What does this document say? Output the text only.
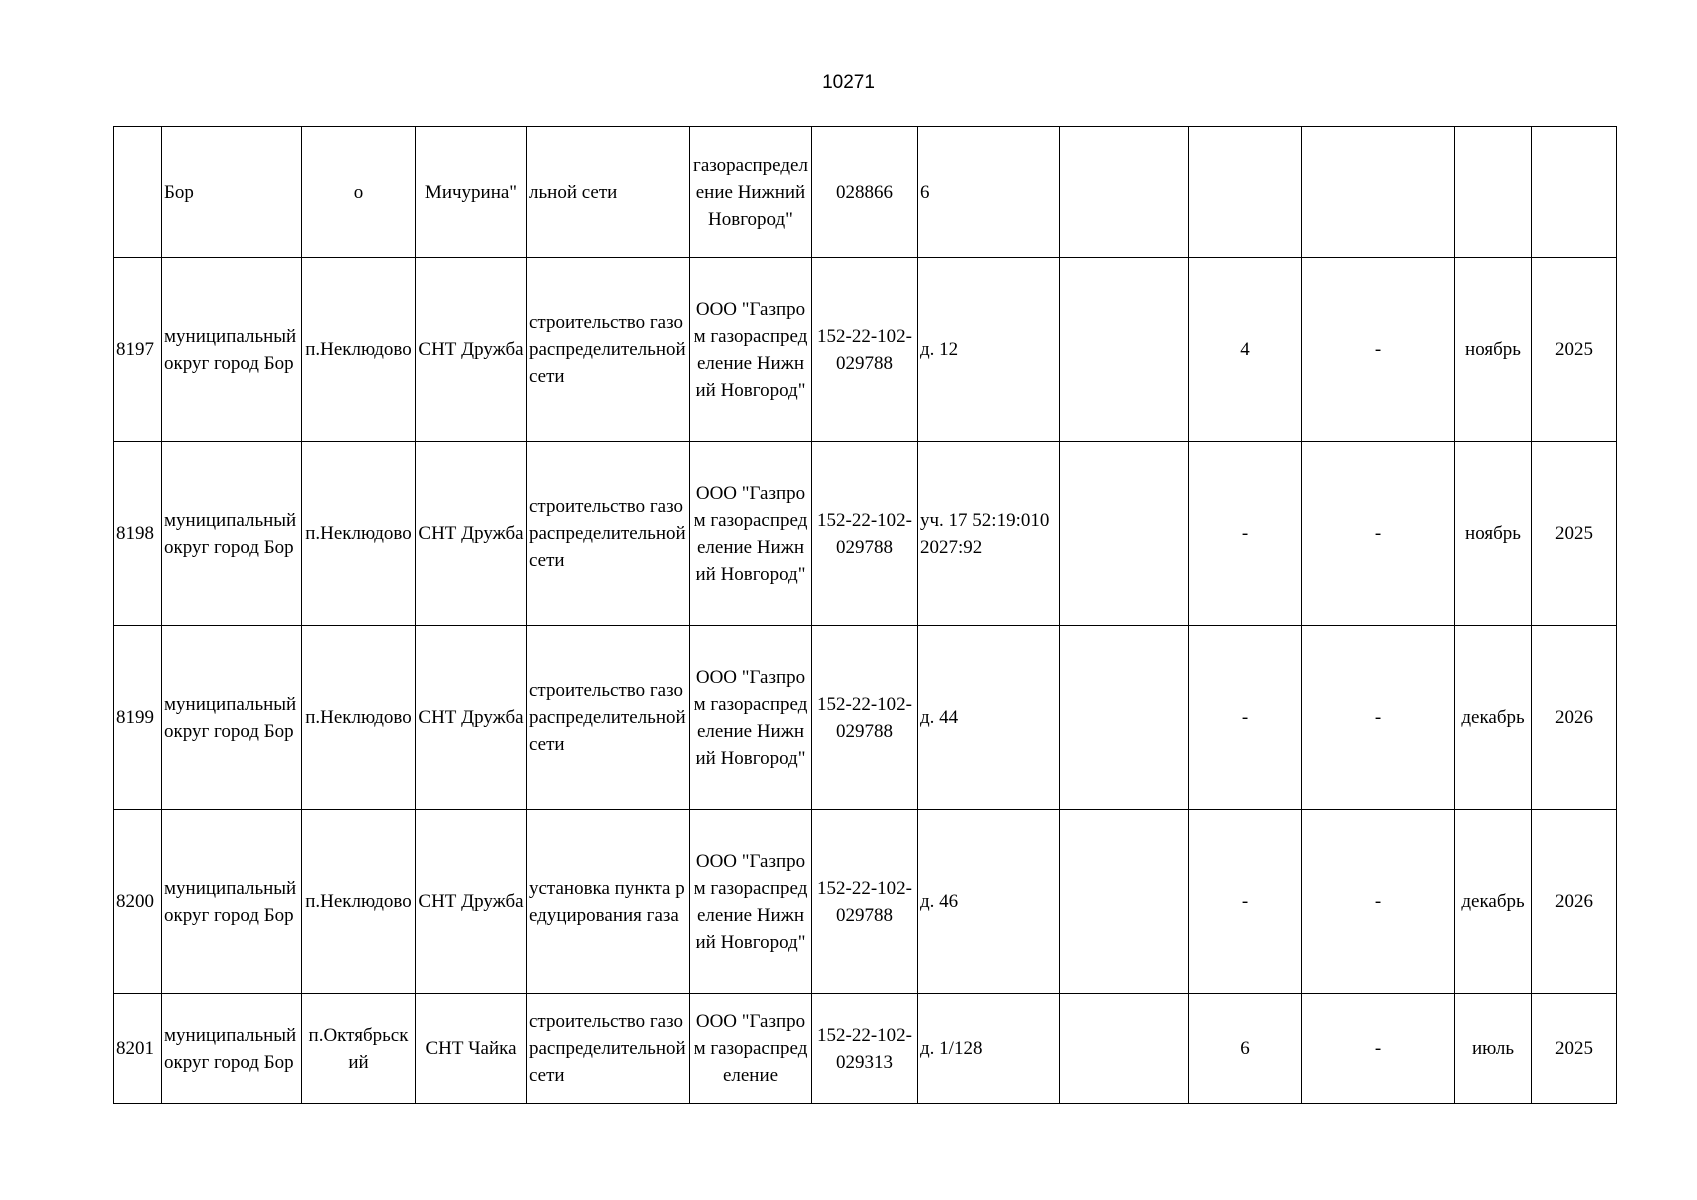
10271
	Бор	о	Мичурина"	льной сети	газораспределение Нижний Новгород"	028866	6					
8197	муниципальный округ город Бор	п.Неклюдово	СНТ Дружба	строительство газораспределительной сети	ООО "Газпром газораспределение Нижний Новгород"	152-22-102-029788	д. 12		4	-	ноябрь	2025
8198	муниципальный округ город Бор	п.Неклюдово	СНТ Дружба	строительство газораспределительной сети	ООО "Газпром газораспределение Нижний Новгород"	152-22-102-029788	уч. 17 52:19:0102027:92		-	-	ноябрь	2025
8199	муниципальный округ город Бор	п.Неклюдово	СНТ Дружба	строительство газораспределительной сети	ООО "Газпром газораспределение Нижний Новгород"	152-22-102-029788	д. 44		-	-	декабрь	2026
8200	муниципальный округ город Бор	п.Неклюдово	СНТ Дружба	установка пункта редуцирования газа	ООО "Газпром газораспределение Нижний Новгород"	152-22-102-029788	д. 46		-	-	декабрь	2026
8201	муниципальный округ город Бор	п.Октябрьский	СНТ Чайка	строительство газораспределительной сети	ООО "Газпром газораспределение	152-22-102-029313	д. 1/128		6	-	июль	2025
